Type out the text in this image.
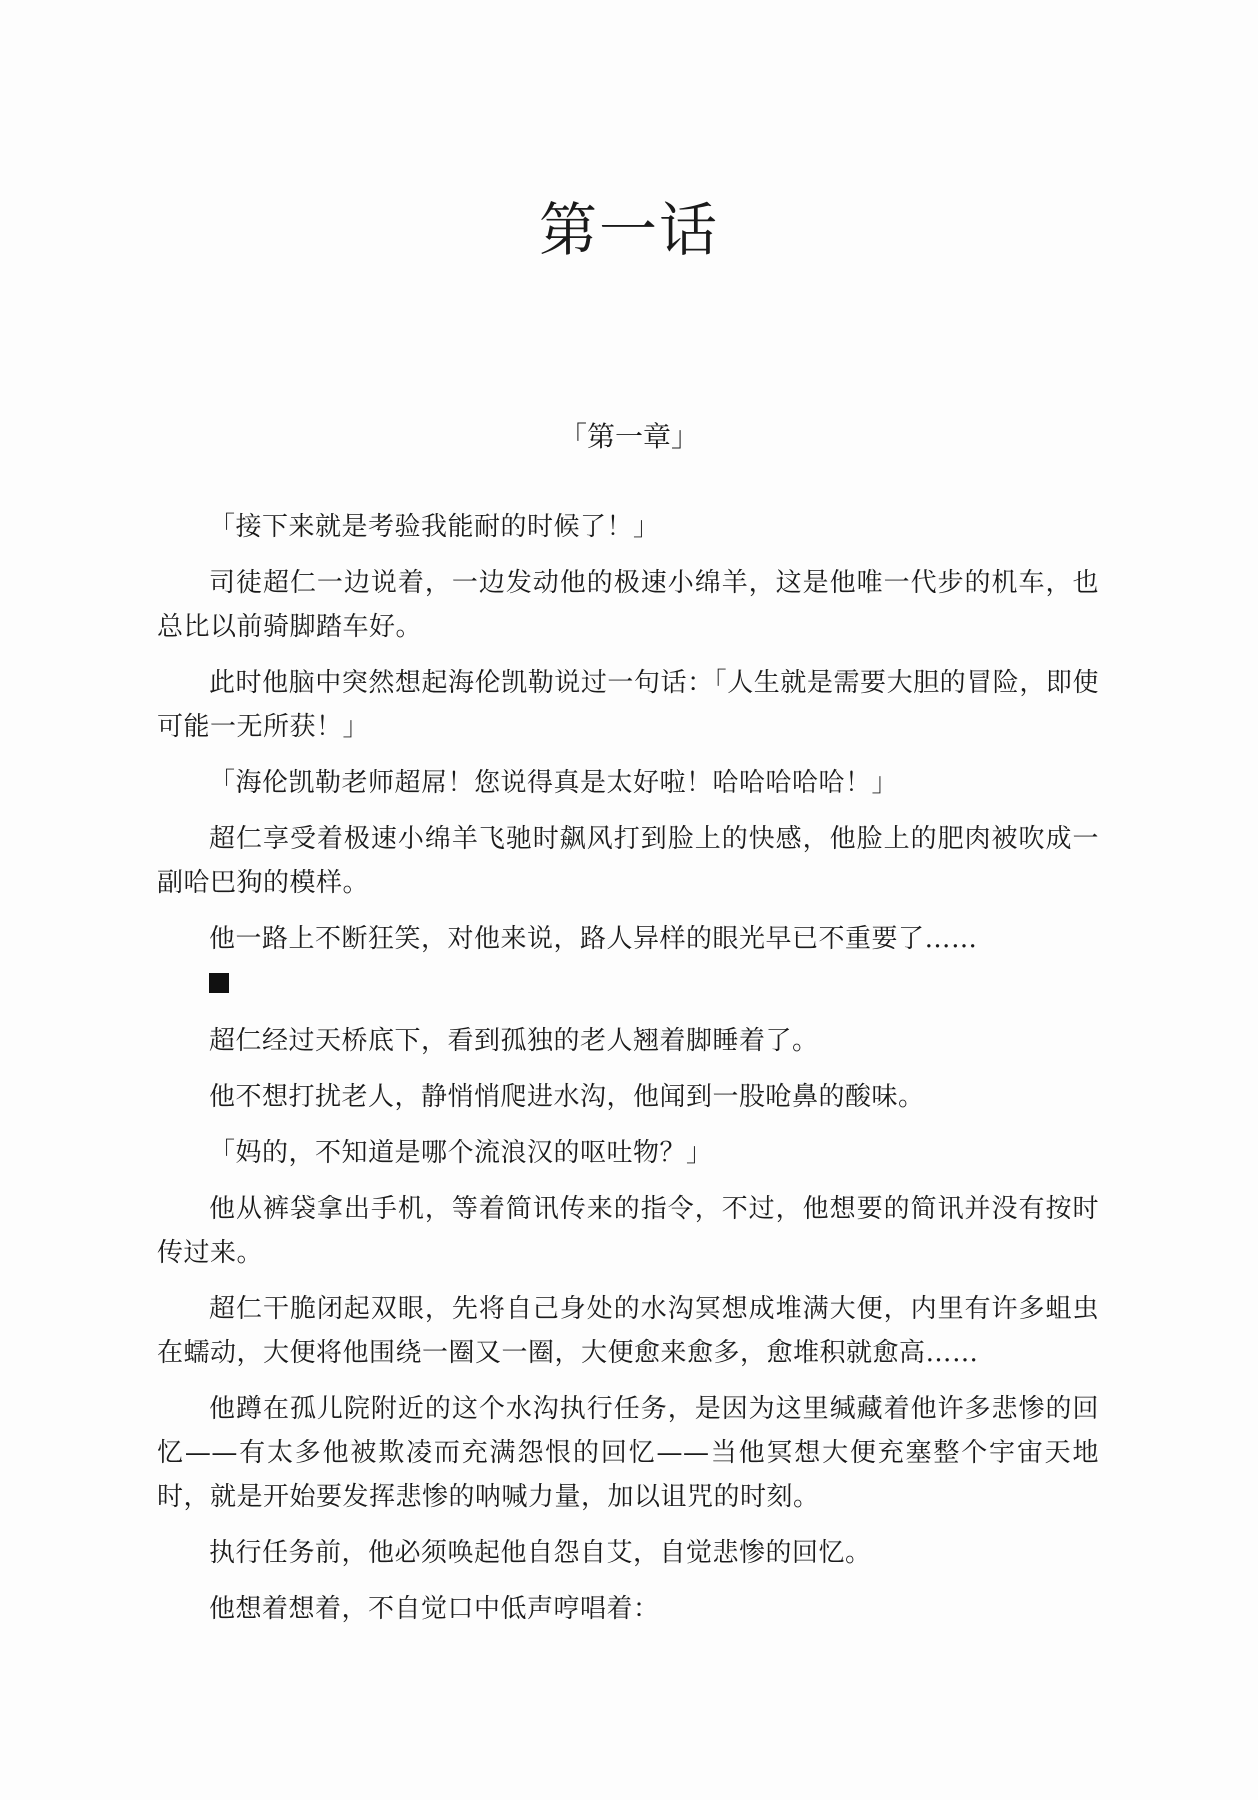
第一话
「第一章」

「接下来就是考验我能耐的时候了！」

司徒超仁一边说着，一边发动他的极速小绵羊，这是他唯一代步的机车，也总比以前骑脚踏车好。

此时他脑中突然想起海伦凯勒说过一句话：「人生就是需要大胆的冒险，即使可能一无所获！」

「海伦凯勒老师超屌！您说得真是太好啦！哈哈哈哈哈！」

超仁享受着极速小绵羊飞驰时飙风打到脸上的快感，他脸上的肥肉被吹成一副哈巴狗的模样。

他一路上不断狂笑，对他来说，路人异样的眼光早已不重要了……

超仁经过天桥底下，看到孤独的老人翘着脚睡着了。

他不想打扰老人，静悄悄爬进水沟，他闻到一股呛鼻的酸味。

「妈的，不知道是哪个流浪汉的呕吐物？」

他从裤袋拿出手机，等着简讯传来的指令，不过，他想要的简讯并没有按时传过来。

超仁干脆闭起双眼，先将自己身处的水沟冥想成堆满大便，内里有许多蛆虫在蠕动，大便将他围绕一圈又一圈，大便愈来愈多，愈堆积就愈高……

他蹲在孤儿院附近的这个水沟执行任务，是因为这里缄藏着他许多悲惨的回忆——有太多他被欺凌而充满怨恨的回忆——当他冥想大便充塞整个宇宙天地时，就是开始要发挥悲惨的呐喊力量，加以诅咒的时刻。

执行任务前，他必须唤起他自怨自艾，自觉悲惨的回忆。

他想着想着，不自觉口中低声哼唱着：
